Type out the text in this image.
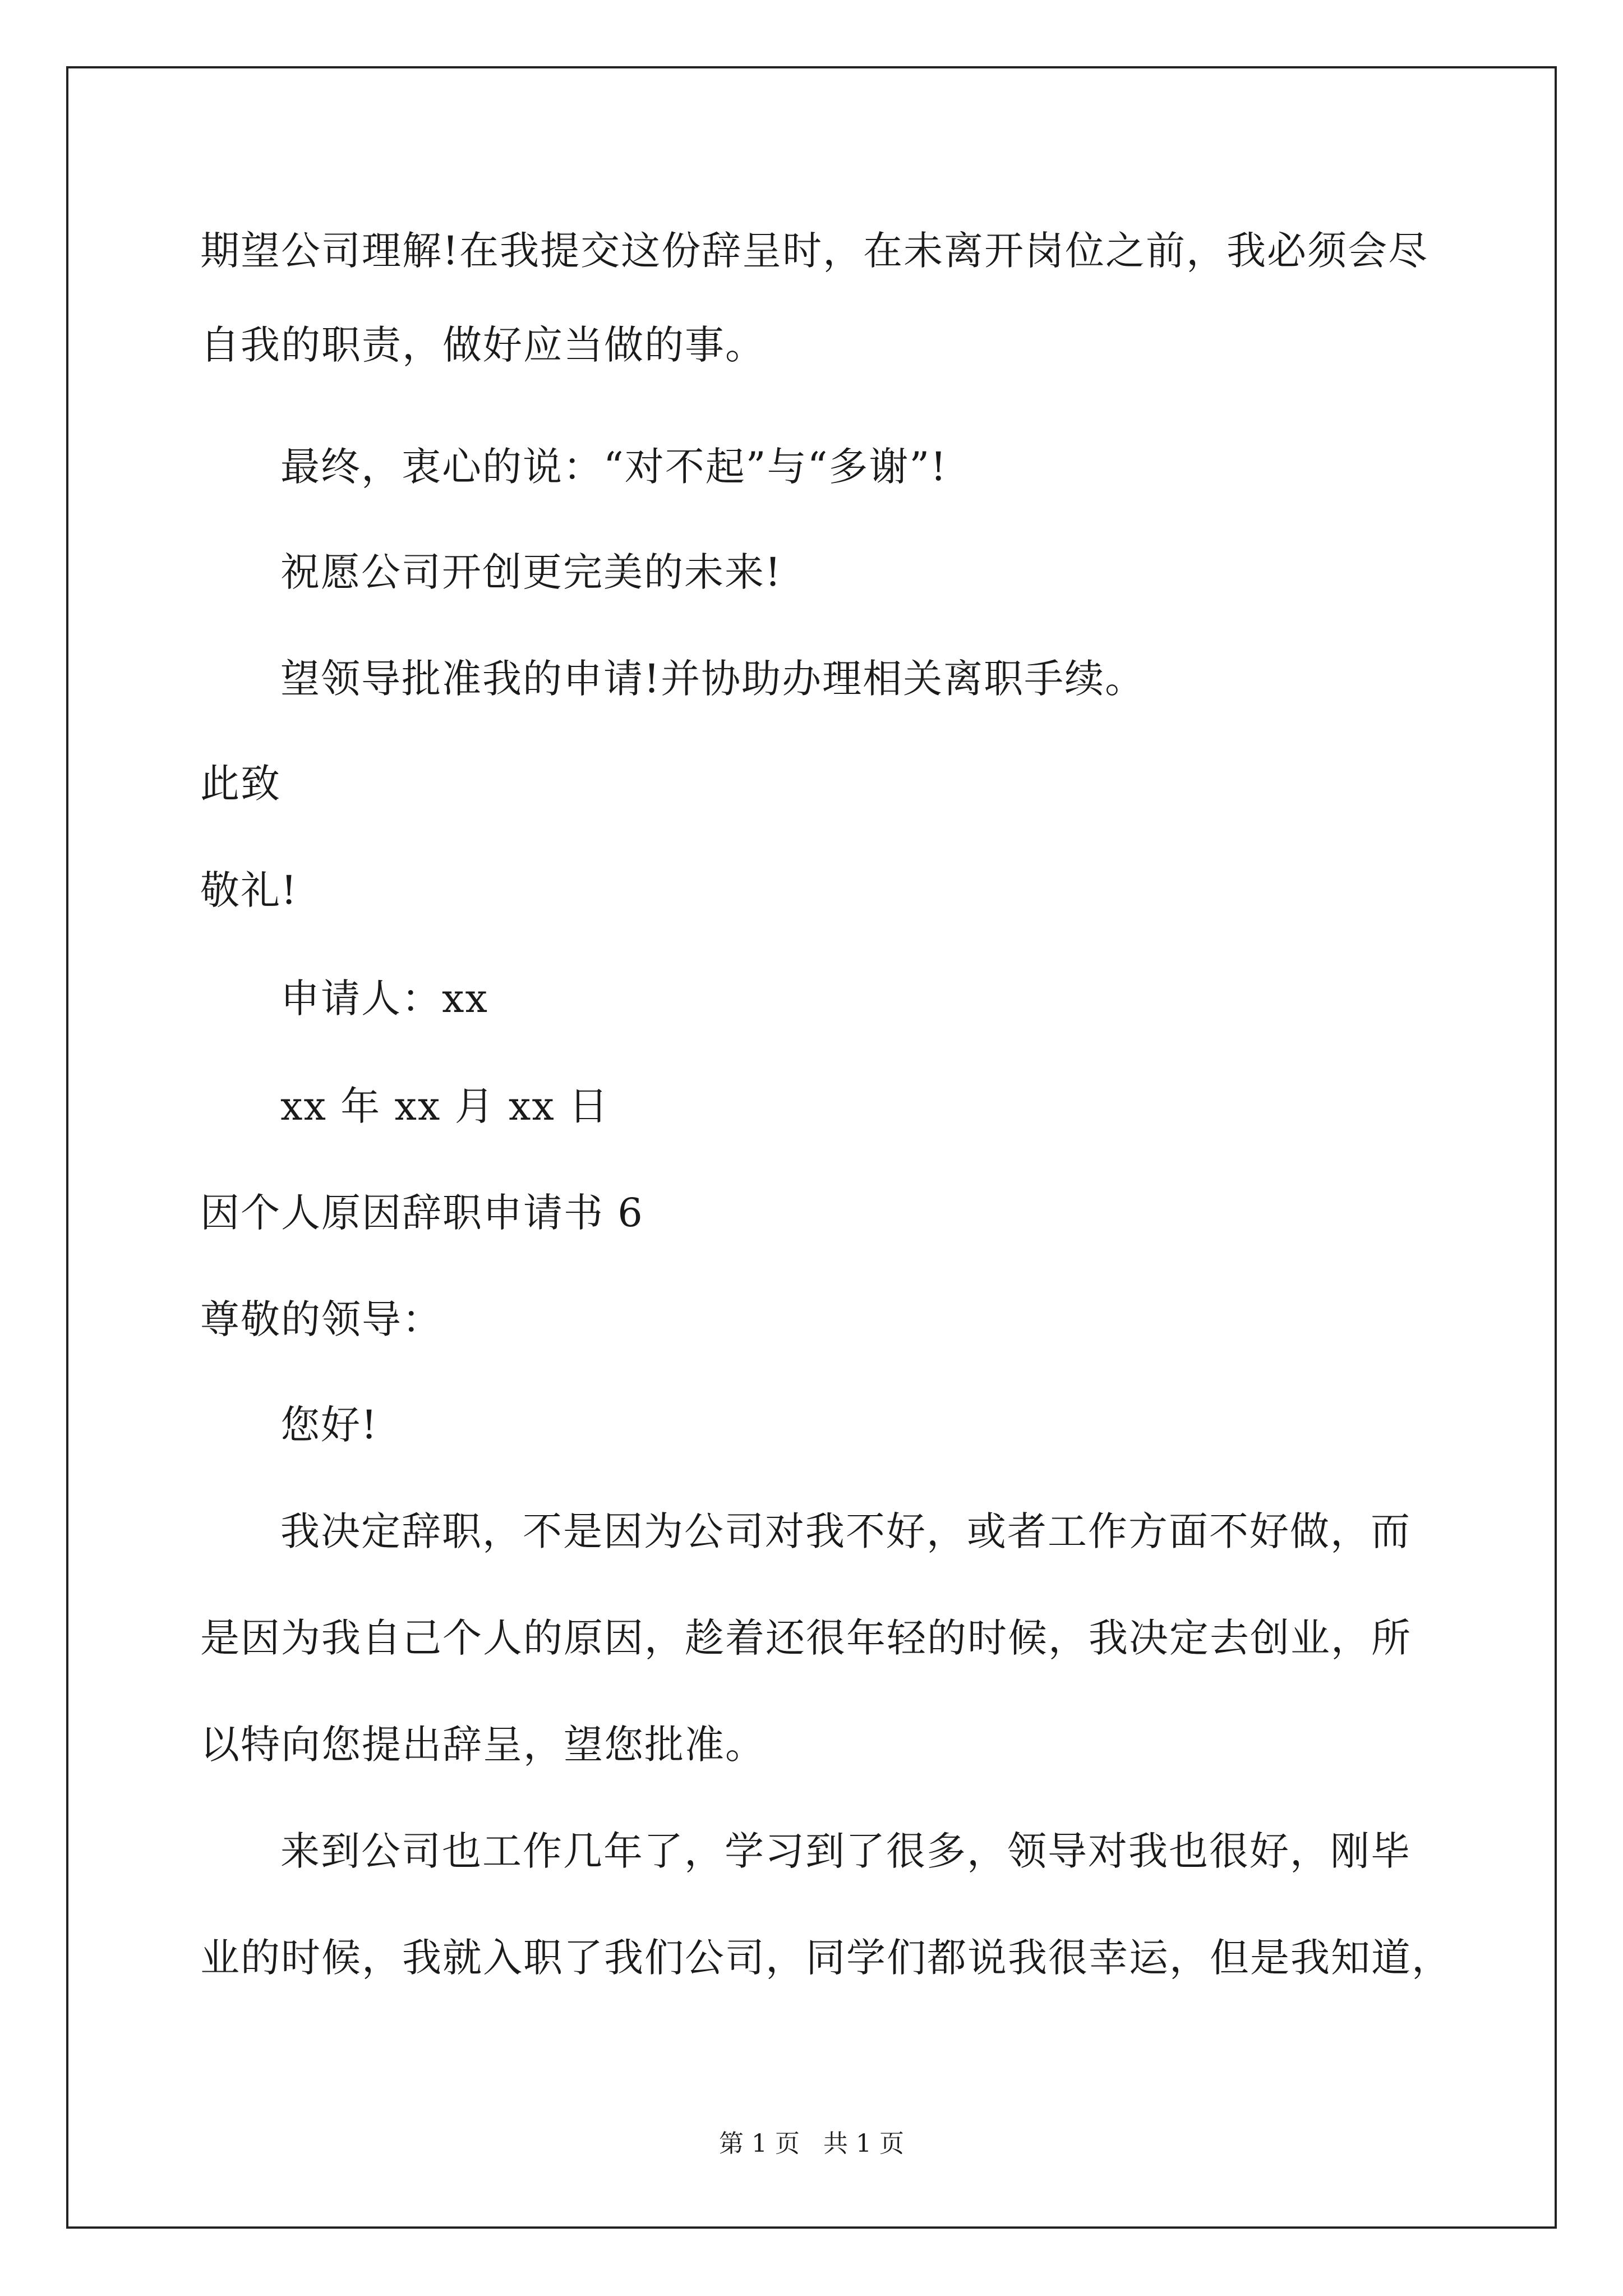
期望公司理解!在我提交这份辞呈时，在未离开岗位之前，我必须会尽
自我的职责，做好应当做的事。
最终，衷心的说：“对不起”与“多谢”!
祝愿公司开创更完美的未来!
望领导批准我的申请!并协助办理相关离职手续。
此致
敬礼!
申请人：xx
xx 年 xx 月 xx 日
因个人原因辞职申请书 6
尊敬的领导：
您好!
我决定辞职，不是因为公司对我不好，或者工作方面不好做，而
是因为我自己个人的原因，趁着还很年轻的时候，我决定去创业，所
以特向您提出辞呈，望您批准。
来到公司也工作几年了，学习到了很多，领导对我也很好，刚毕
业的时候，我就入职了我们公司，同学们都说我很幸运，但是我知道，
第 1 页   共 1 页
